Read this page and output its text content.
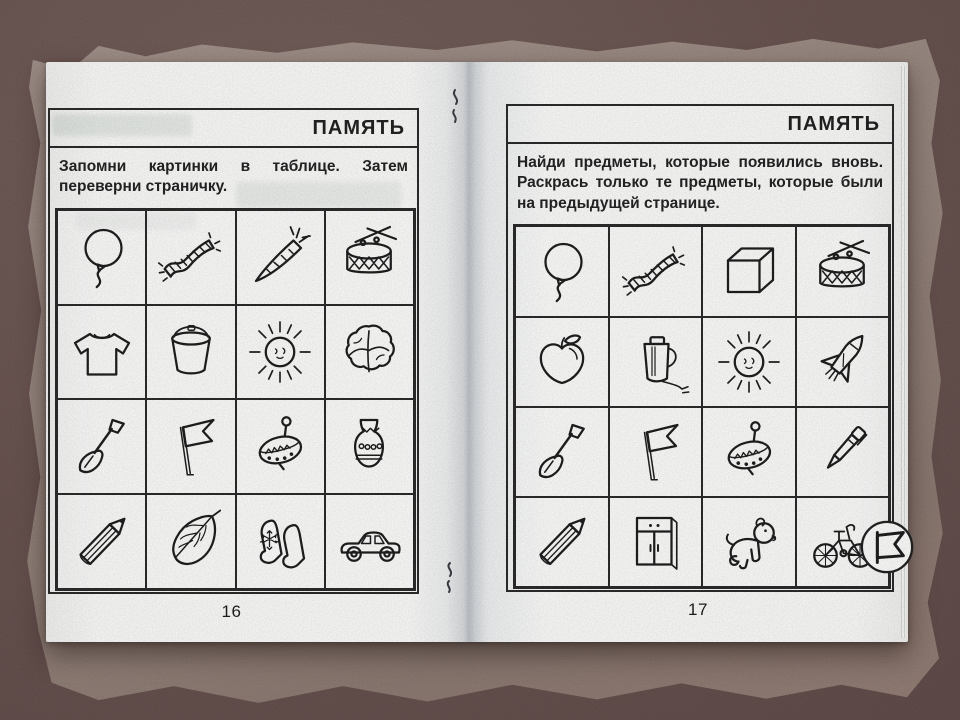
ПАМЯТЬ
Запомни картинки в таблице. Затем переверни страничку.
16
ПАМЯТЬ
Найди предметы, которые появились вновь. Раскрась только те предметы, которые были на предыдущей странице.
17
